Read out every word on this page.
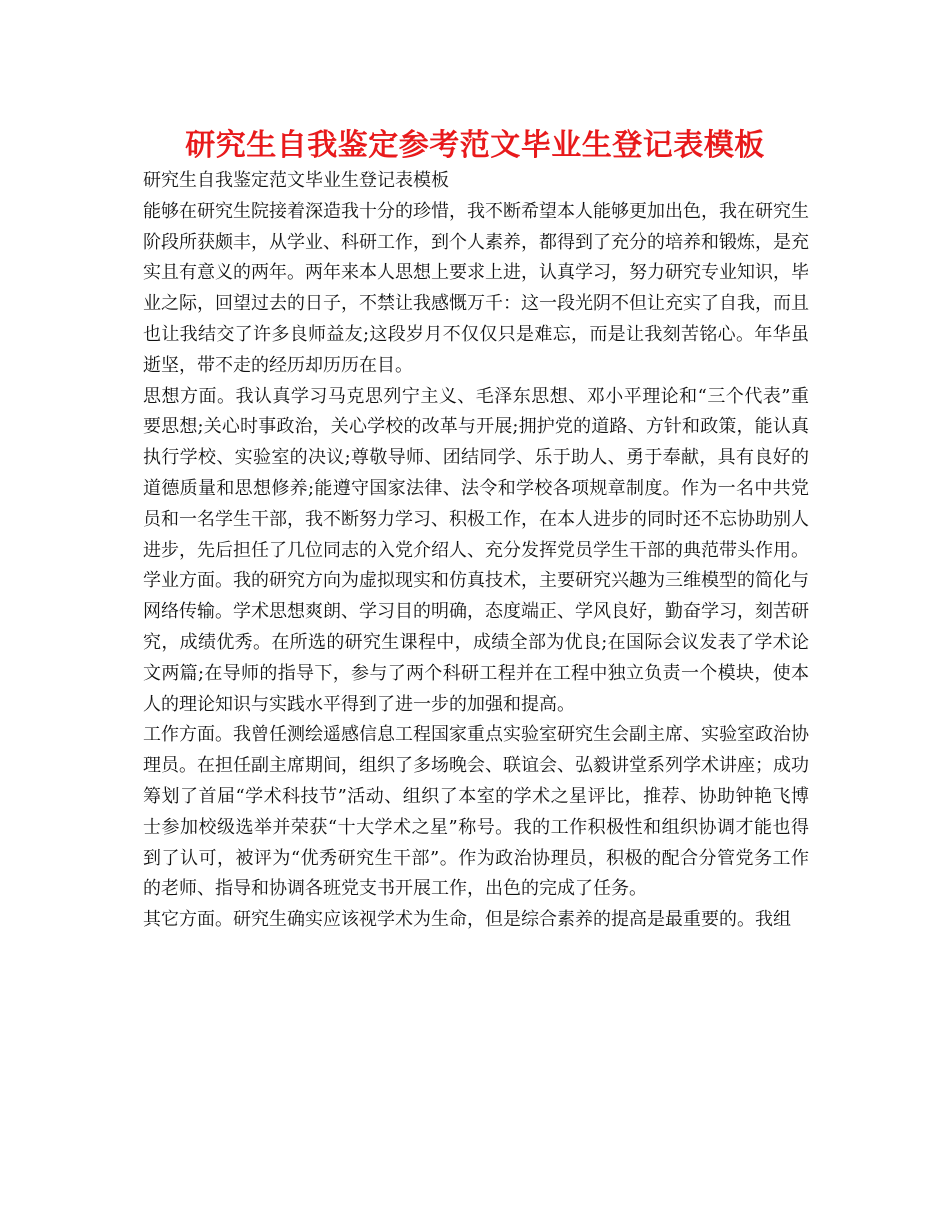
研究生自我鉴定参考范文毕业生登记表模板

研究生自我鉴定范文毕业生登记表模板

能够在研究生院接着深造我十分的珍惜，我不断希望本人能够更加出色，我在研究生阶段所获颇丰，从学业、科研工作，到个人素养，都得到了充分的培养和锻炼，是充实且有意义的两年。两年来本人思想上要求上进，认真学习，努力研究专业知识，毕业之际，回望过去的日子，不禁让我感慨万千：这一段光阴不但让充实了自我，而且也让我结交了许多良师益友;这段岁月不仅仅只是难忘，而是让我刻苦铭心。年华虽逝坚，带不走的经历却历历在目。

思想方面。我认真学习马克思列宁主义、毛泽东思想、邓小平理论和“三个代表”重要思想;关心时事政治，关心学校的改革与开展;拥护党的道路、方针和政策，能认真执行学校、实验室的决议;尊敬导师、团结同学、乐于助人、勇于奉献，具有良好的道德质量和思想修养;能遵守国家法律、法令和学校各项规章制度。作为一名中共党员和一名学生干部，我不断努力学习、积极工作，在本人进步的同时还不忘协助别人进步，先后担任了几位同志的入党介绍人、充分发挥党员学生干部的典范带头作用。

学业方面。我的研究方向为虚拟现实和仿真技术，主要研究兴趣为三维模型的简化与网络传输。学术思想爽朗、学习目的明确，态度端正、学风良好，勤奋学习，刻苦研究，成绩优秀。在所选的研究生课程中，成绩全部为优良;在国际会议发表了学术论文两篇;在导师的指导下，参与了两个科研工程并在工程中独立负责一个模块，使本人的理论知识与实践水平得到了进一步的加强和提高。

工作方面。我曾任测绘遥感信息工程国家重点实验室研究生会副主席、实验室政治协理员。在担任副主席期间，组织了多场晚会、联谊会、弘毅讲堂系列学术讲座；成功筹划了首届“学术科技节”活动、组织了本室的学术之星评比，推荐、协助钟艳飞博士参加校级选举并荣获“十大学术之星”称号。我的工作积极性和组织协调才能也得到了认可，被评为“优秀研究生干部”。作为政治协理员，积极的配合分管党务工作的老师、指导和协调各班党支书开展工作，出色的完成了任务。

其它方面。研究生确实应该视学术为生命，但是综合素养的提高是最重要的。我组
